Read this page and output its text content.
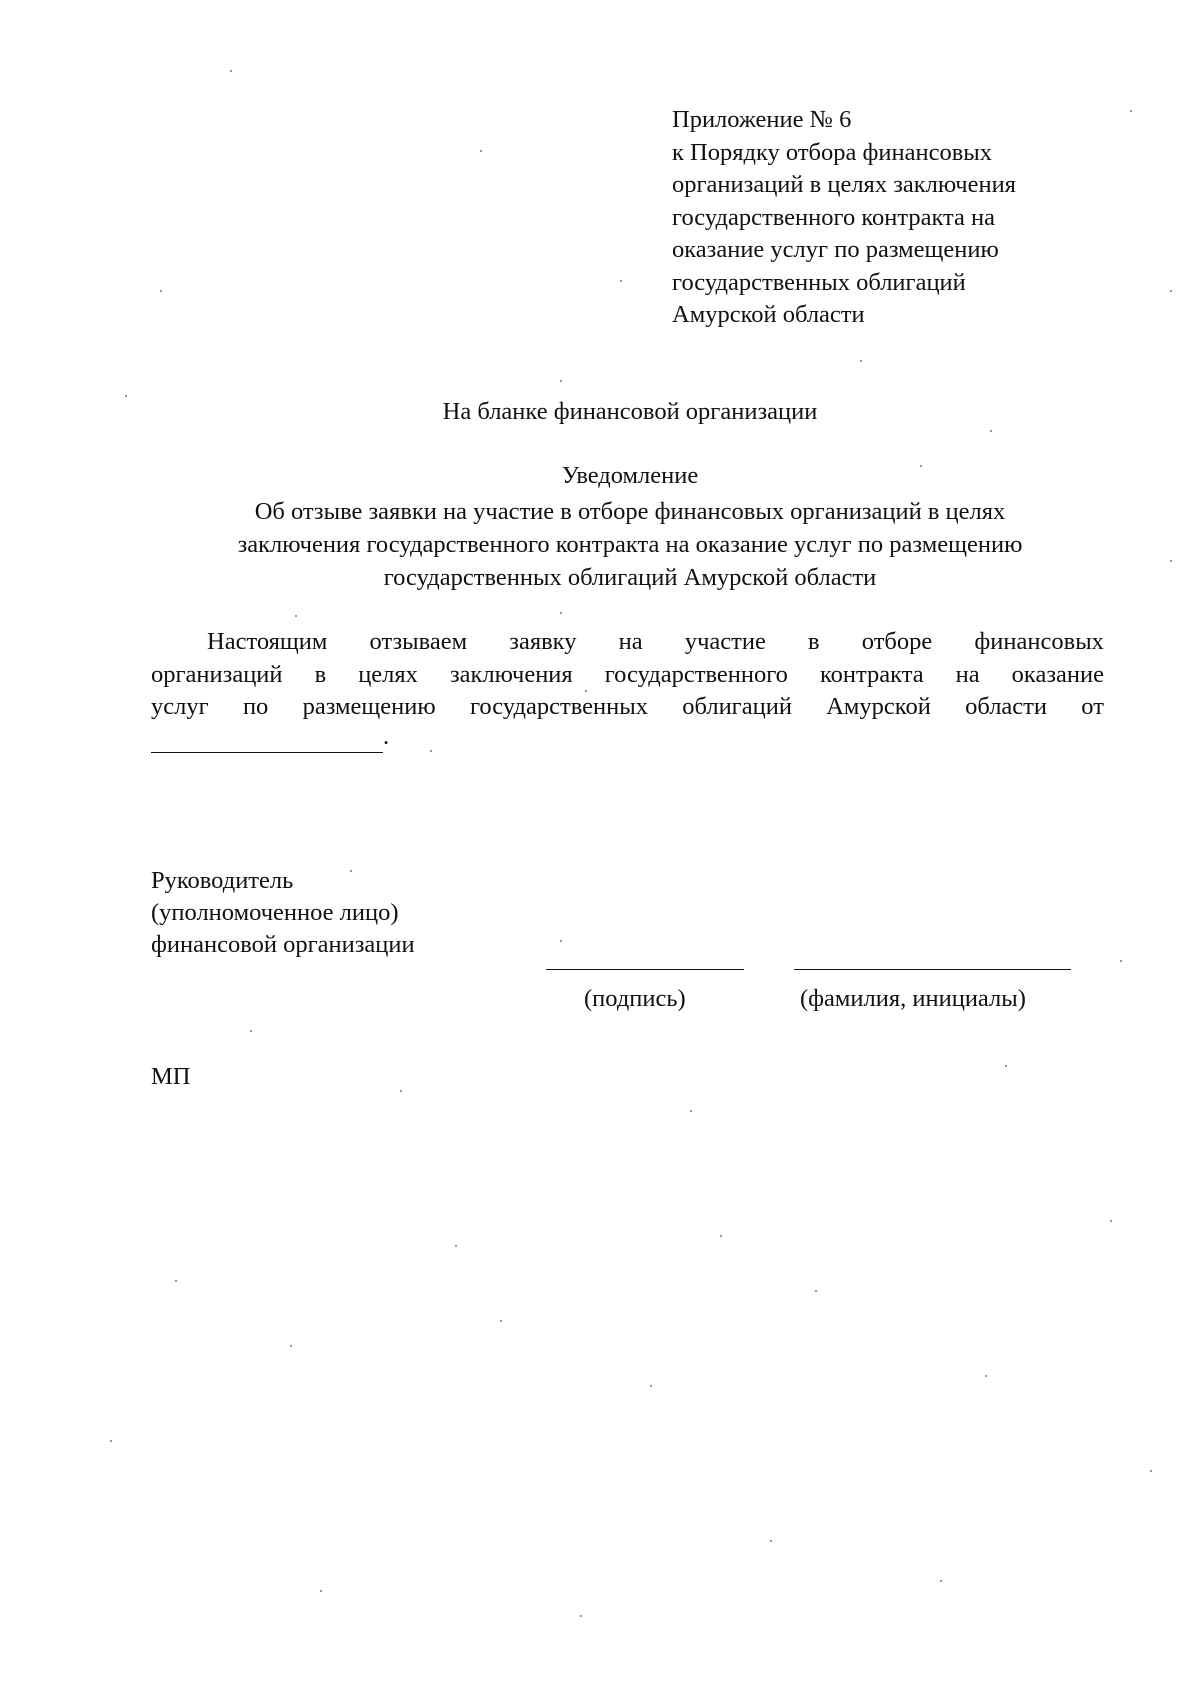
Приложение № 6
к Порядку отбора финансовых
организаций в целях заключения
государственного контракта на
оказание услуг по размещению
государственных облигаций
Амурской области
На бланке финансовой организации
Уведомление
Об отзыве заявки на участие в отборе финансовых организаций в целях
заключения государственного контракта на оказание услуг по размещению
государственных облигаций Амурской области
Настоящим отзываем заявку на участие в отборе финансовых
организаций в целях заключения государственного контракта на оказание
услуг по размещению государственных облигаций Амурской области от
.
Руководитель
(уполномоченное лицо)
финансовой организации
(подпись)	(фамилия, инициалы)
МП
